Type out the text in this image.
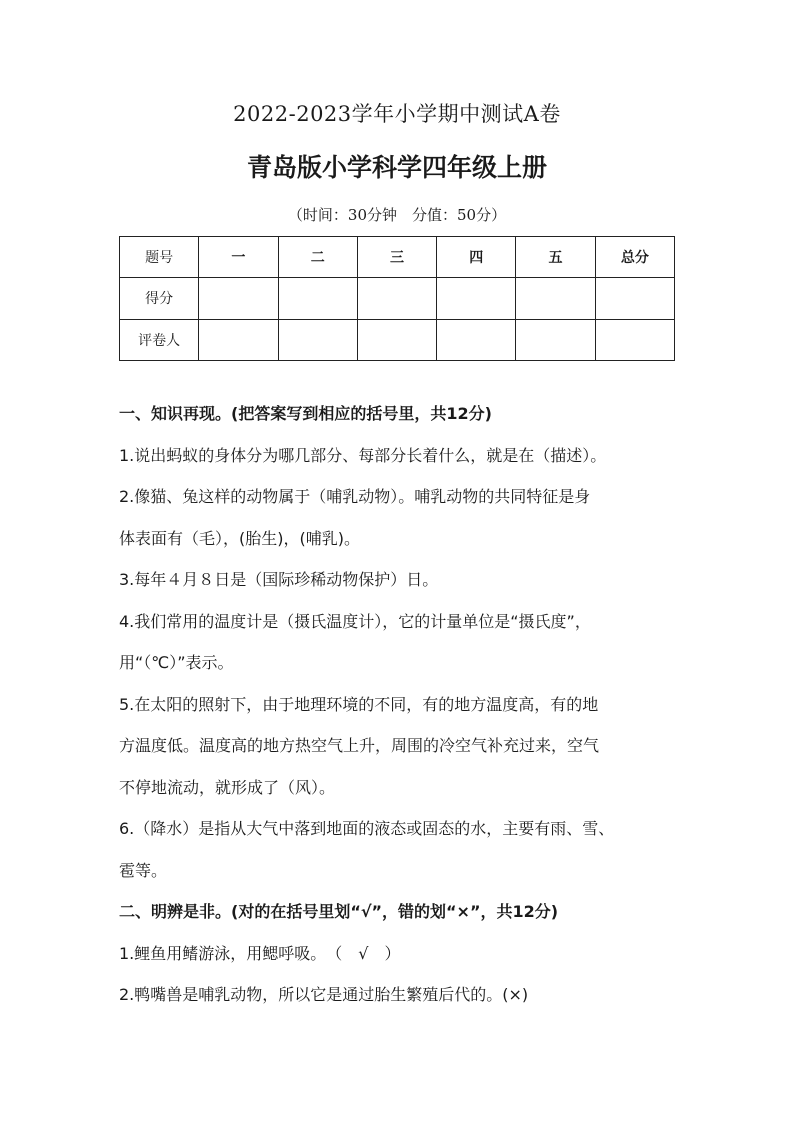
2022-2023学年小学期中测试A卷
青岛版小学科学四年级上册
（时间：30分钟　分值：50分）
题号	一	二	三	四	五	总分
得分						
评卷人						
一、知识再现。(把答案写到相应的括号里，共12分)
1.说出蚂蚁的身体分为哪几部分、每部分长着什么，就是在（描述）。
2.像猫、兔这样的动物属于（哺乳动物）。哺乳动物的共同特征是身
体表面有（毛），(胎生)，(哺乳)。
3.每年４月８日是（国际珍稀动物保护）日。
4.我们常用的温度计是（摄氏温度计），它的计量单位是“摄氏度”，
用“（℃）”表示。
5.在太阳的照射下，由于地理环境的不同，有的地方温度高，有的地
方温度低。温度高的地方热空气上升，周围的冷空气补充过来，空气
不停地流动，就形成了（风）。
6.（降水）是指从大气中落到地面的液态或固态的水，主要有雨、雪、
雹等。
二、明辨是非。(对的在括号里划“√”，错的划“×”，共12分)
1.鲤鱼用鳍游泳，用鳃呼吸。　（　√　）
2.鸭嘴兽是哺乳动物，所以它是通过胎生繁殖后代的。(×)
